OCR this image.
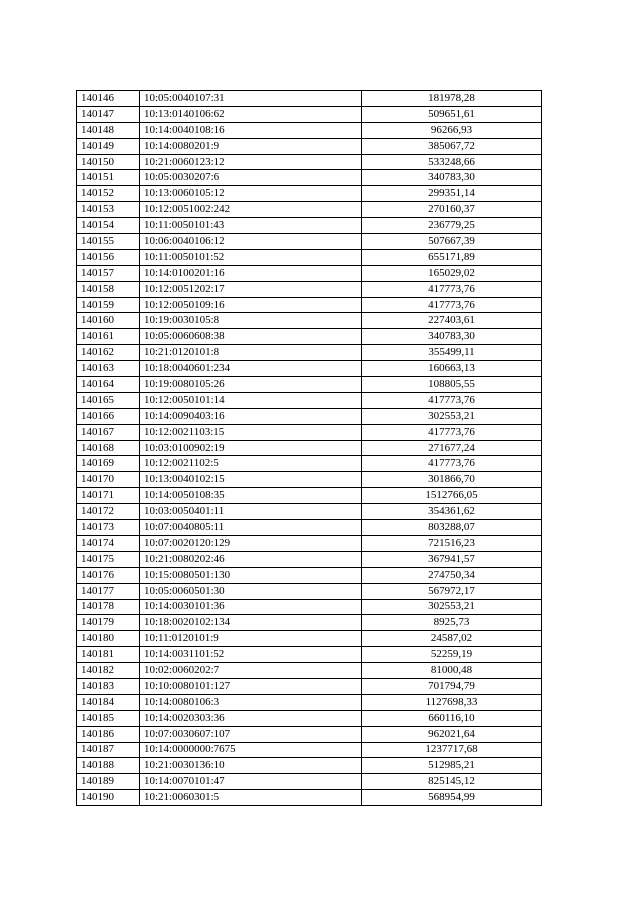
140146	10:05:0040107:31	181978,28
140147	10:13:0140106:62	509651,61
140148	10:14:0040108:16	96266,93
140149	10:14:0080201:9	385067,72
140150	10:21:0060123:12	533248,66
140151	10:05:0030207:6	340783,30
140152	10:13:0060105:12	299351,14
140153	10:12:0051002:242	270160,37
140154	10:11:0050101:43	236779,25
140155	10:06:0040106:12	507667,39
140156	10:11:0050101:52	655171,89
140157	10:14:0100201:16	165029,02
140158	10:12:0051202:17	417773,76
140159	10:12:0050109:16	417773,76
140160	10:19:0030105:8	227403,61
140161	10:05:0060608:38	340783,30
140162	10:21:0120101:8	355499,11
140163	10:18:0040601:234	160663,13
140164	10:19:0080105:26	108805,55
140165	10:12:0050101:14	417773,76
140166	10:14:0090403:16	302553,21
140167	10:12:0021103:15	417773,76
140168	10:03:0100902:19	271677,24
140169	10:12:0021102:5	417773,76
140170	10:13:0040102:15	301866,70
140171	10:14:0050108:35	1512766,05
140172	10:03:0050401:11	354361,62
140173	10:07:0040805:11	803288,07
140174	10:07:0020120:129	721516,23
140175	10:21:0080202:46	367941,57
140176	10:15:0080501:130	274750,34
140177	10:05:0060501:30	567972,17
140178	10:14:0030101:36	302553,21
140179	10:18:0020102:134	8925,73
140180	10:11:0120101:9	24587,02
140181	10:14:0031101:52	52259,19
140182	10:02:0060202:7	81000,48
140183	10:10:0080101:127	701794,79
140184	10:14:0080106:3	1127698,33
140185	10:14:0020303:36	660116,10
140186	10:07:0030607:107	962021,64
140187	10:14:0000000:7675	1237717,68
140188	10:21:0030136:10	512985,21
140189	10:14:0070101:47	825145,12
140190	10:21:0060301:5	568954,99
